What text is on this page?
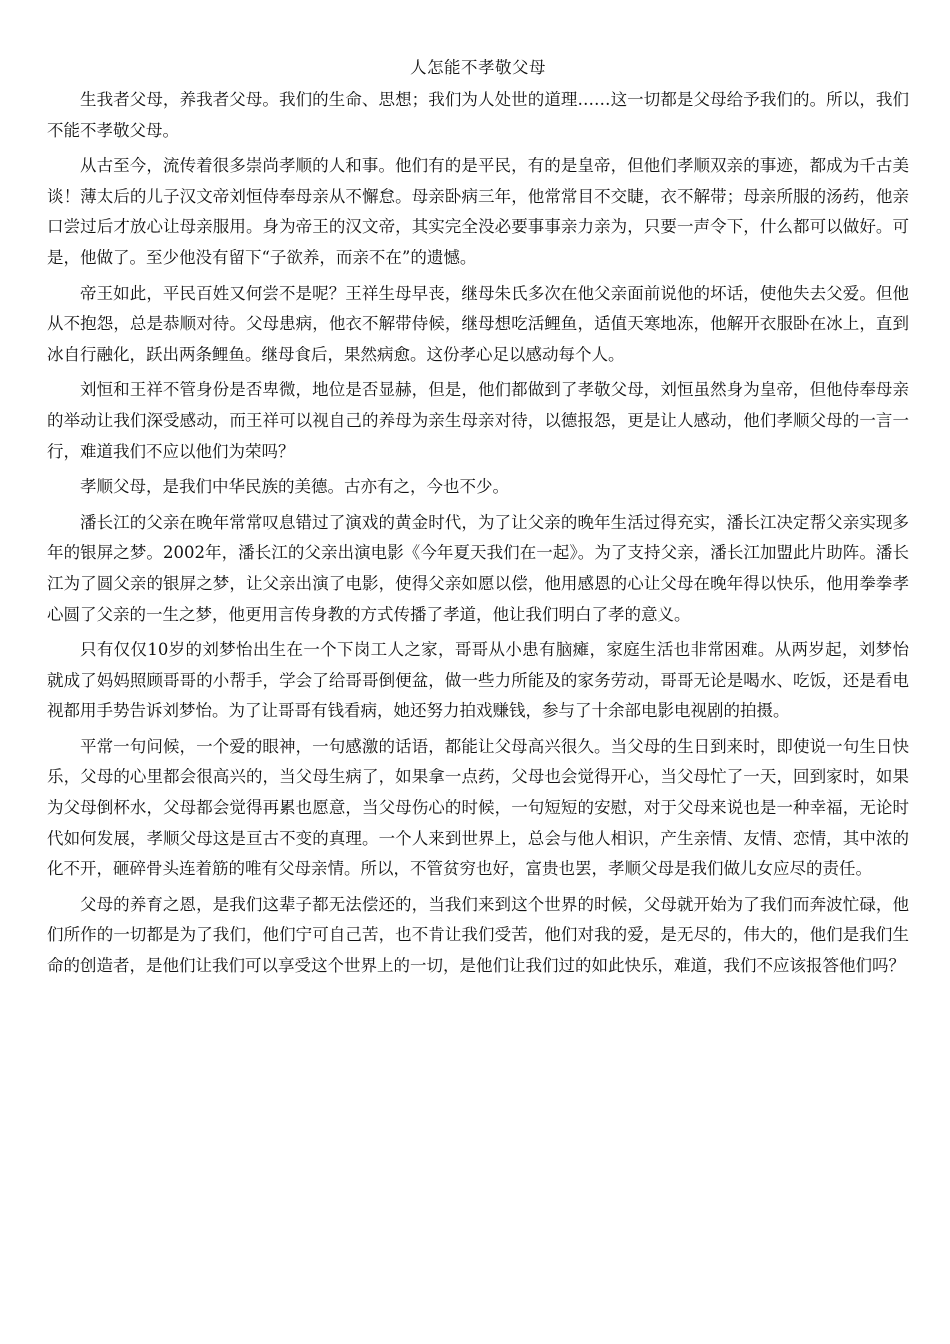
人怎能不孝敬父母

生我者父母，养我者父母。我们的生命、思想；我们为人处世的道理……这一切都是父母给予我们的。所以，我们不能不孝敬父母。

从古至今，流传着很多崇尚孝顺的人和事。他们有的是平民，有的是皇帝，但他们孝顺双亲的事迹，都成为千古美谈！薄太后的儿子汉文帝刘恒侍奉母亲从不懈怠。母亲卧病三年，他常常目不交睫，衣不解带；母亲所服的汤药，他亲口尝过后才放心让母亲服用。身为帝王的汉文帝，其实完全没必要事事亲力亲为，只要一声令下，什么都可以做好。可是，他做了。至少他没有留下“子欲养，而亲不在”的遗憾。

帝王如此，平民百姓又何尝不是呢？王祥生母早丧，继母朱氏多次在他父亲面前说他的坏话，使他失去父爱。但他从不抱怨，总是恭顺对待。父母患病，他衣不解带侍候，继母想吃活鲤鱼，适值天寒地冻，他解开衣服卧在冰上，直到冰自行融化，跃出两条鲤鱼。继母食后，果然病愈。这份孝心足以感动每个人。

刘恒和王祥不管身份是否卑微，地位是否显赫，但是，他们都做到了孝敬父母，刘恒虽然身为皇帝，但他侍奉母亲的举动让我们深受感动，而王祥可以视自己的养母为亲生母亲对待，以德报怨，更是让人感动，他们孝顺父母的一言一行，难道我们不应以他们为荣吗？

孝顺父母，是我们中华民族的美德。古亦有之，今也不少。

潘长江的父亲在晚年常常叹息错过了演戏的黄金时代，为了让父亲的晚年生活过得充实，潘长江决定帮父亲实现多年的银屏之梦。2002年，潘长江的父亲出演电影《今年夏天我们在一起》。为了支持父亲，潘长江加盟此片助阵。潘长江为了圆父亲的银屏之梦，让父亲出演了电影，使得父亲如愿以偿，他用感恩的心让父母在晚年得以快乐，他用拳拳孝心圆了父亲的一生之梦，他更用言传身教的方式传播了孝道，他让我们明白了孝的意义。

只有仅仅10岁的刘梦怡出生在一个下岗工人之家，哥哥从小患有脑瘫，家庭生活也非常困难。从两岁起，刘梦怡就成了妈妈照顾哥哥的小帮手，学会了给哥哥倒便盆，做一些力所能及的家务劳动，哥哥无论是喝水、吃饭，还是看电视都用手势告诉刘梦怡。为了让哥哥有钱看病，她还努力拍戏赚钱，参与了十余部电影电视剧的拍摄。

平常一句问候，一个爱的眼神，一句感激的话语，都能让父母高兴很久。当父母的生日到来时，即使说一句生日快乐，父母的心里都会很高兴的，当父母生病了，如果拿一点药，父母也会觉得开心，当父母忙了一天，回到家时，如果为父母倒杯水，父母都会觉得再累也愿意，当父母伤心的时候，一句短短的安慰，对于父母来说也是一种幸福，无论时代如何发展，孝顺父母这是亘古不变的真理。一个人来到世界上，总会与他人相识，产生亲情、友情、恋情，其中浓的化不开，砸碎骨头连着筋的唯有父母亲情。所以，不管贫穷也好，富贵也罢，孝顺父母是我们做儿女应尽的责任。

父母的养育之恩，是我们这辈子都无法偿还的，当我们来到这个世界的时候，父母就开始为了我们而奔波忙碌，他们所作的一切都是为了我们，他们宁可自己苦，也不肯让我们受苦，他们对我的爱，是无尽的，伟大的，他们是我们生命的创造者，是他们让我们可以享受这个世界上的一切，是他们让我们过的如此快乐，难道，我们不应该报答他们吗？
